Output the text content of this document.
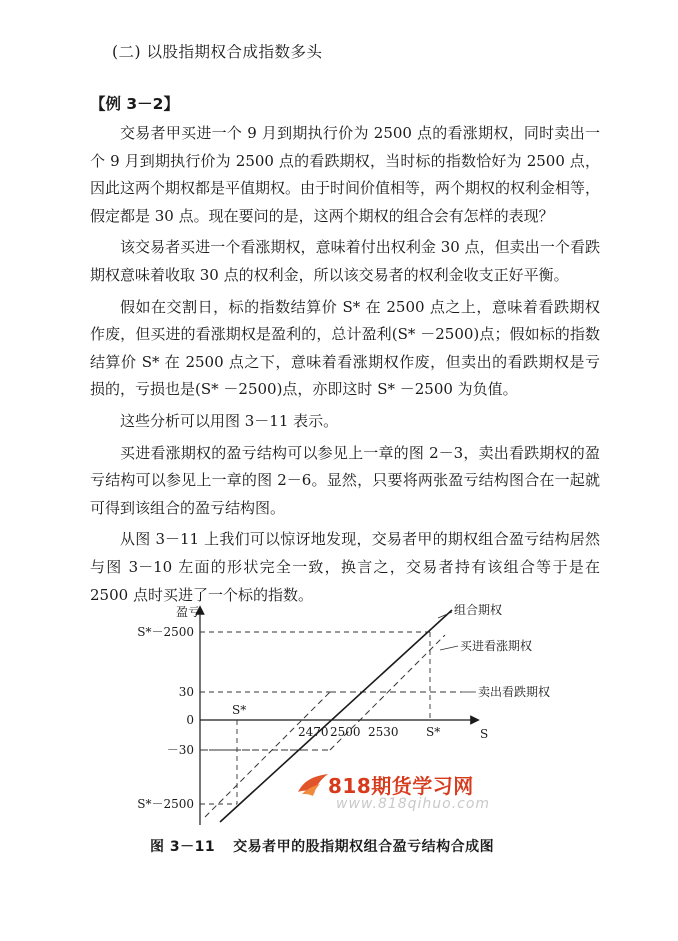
(二) 以股指期权合成指数多头
【例 3－2】

交易者甲买进一个 9 月到期执行价为 2500 点的看涨期权，同时卖出一个 9 月到期执行价为 2500 点的看跌期权，当时标的指数恰好为 2500 点，因此这两个期权都是平值期权。由于时间价值相等，两个期权的权利金相等，假定都是 30 点。现在要问的是，这两个期权的组合会有怎样的表现？

该交易者买进一个看涨期权，意味着付出权利金 30 点，但卖出一个看跌期权意味着收取 30 点的权利金，所以该交易者的权利金收支正好平衡。

假如在交割日，标的指数结算价 S* 在 2500 点之上，意味着看跌期权作废，但买进的看涨期权是盈利的，总计盈利(S* －2500)点；假如标的指数结算价 S* 在 2500 点之下，意味着看涨期权作废，但卖出的看跌期权是亏损的，亏损也是(S* －2500)点，亦即这时 S* －2500 为负值。

这些分析可以用图 3－11 表示。

买进看涨期权的盈亏结构可以参见上一章的图 2－3，卖出看跌期权的盈亏结构可以参见上一章的图 2－6。显然，只要将两张盈亏结构图合在一起就可得到该组合的盈亏结构图。

从图 3－11 上我们可以惊讶地发现，交易者甲的期权组合盈亏结构居然与图 3－10 左面的形状完全一致，换言之，交易者持有该组合等于是在 2500 点时买进了一个标的指数。

盈亏
S
S*－2500
30
0
－30
S*－2500
S*
2470 2500 2530 S*
组合期权
买进看涨期权
卖出看跌期权
818期货学习网
www.818qihuo.com
图 3－11 交易者甲的股指期权组合盈亏结构合成图
